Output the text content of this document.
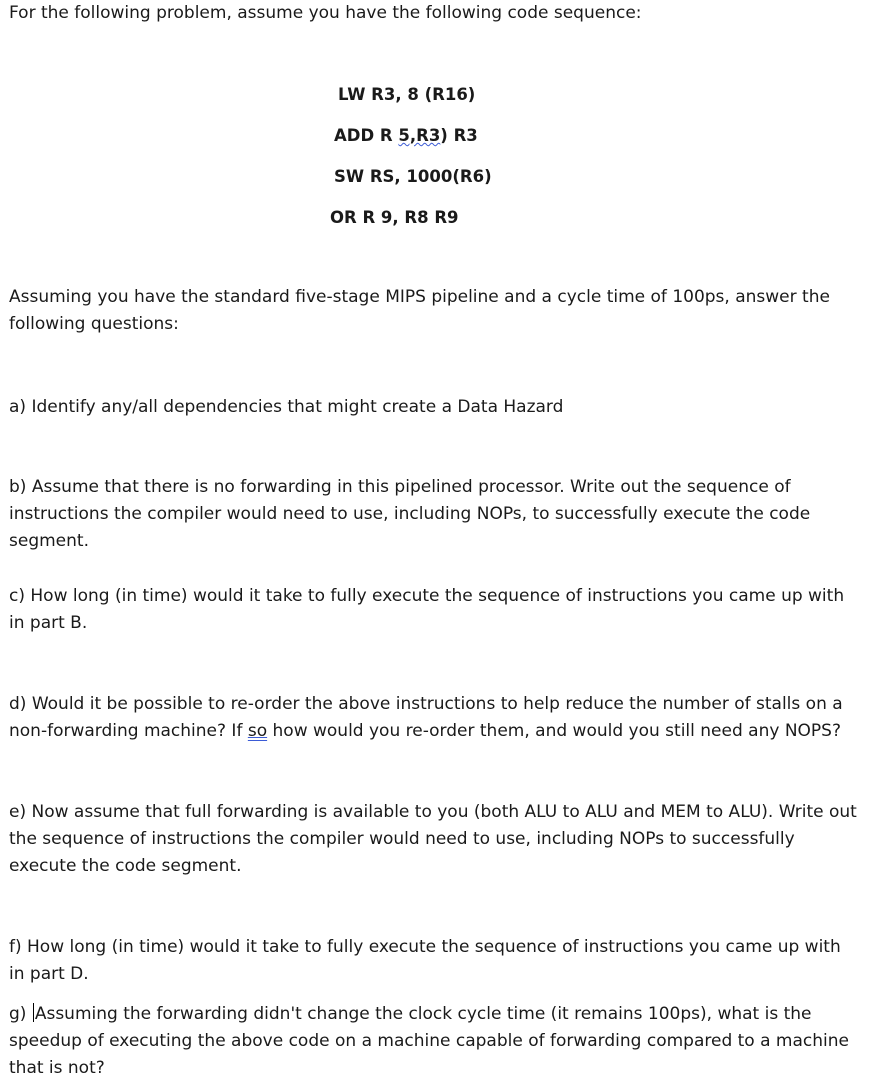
For the following problem, assume you have the following code sequence:

LW R3, 8 (R16)
ADD R 5,R3) R3
SW RS, 1000(R6)
OR R 9, R8 R9

Assuming you have the standard five-stage MIPS pipeline and a cycle time of 100ps, answer the following questions:

a) Identify any/all dependencies that might create a Data Hazard

b) Assume that there is no forwarding in this pipelined processor. Write out the sequence of instructions the compiler would need to use, including NOPs, to successfully execute the code segment.

c) How long (in time) would it take to fully execute the sequence of instructions you came up with in part B.

d) Would it be possible to re-order the above instructions to help reduce the number of stalls on a non-forwarding machine? If so how would you re-order them, and would you still need any NOPS?

e) Now assume that full forwarding is available to you (both ALU to ALU and MEM to ALU). Write out the sequence of instructions the compiler would need to use, including NOPs to successfully execute the code segment.

f) How long (in time) would it take to fully execute the sequence of instructions you came up with in part D.

g) Assuming the forwarding didn't change the clock cycle time (it remains 100ps), what is the speedup of executing the above code on a machine capable of forwarding compared to a machine that is not?
